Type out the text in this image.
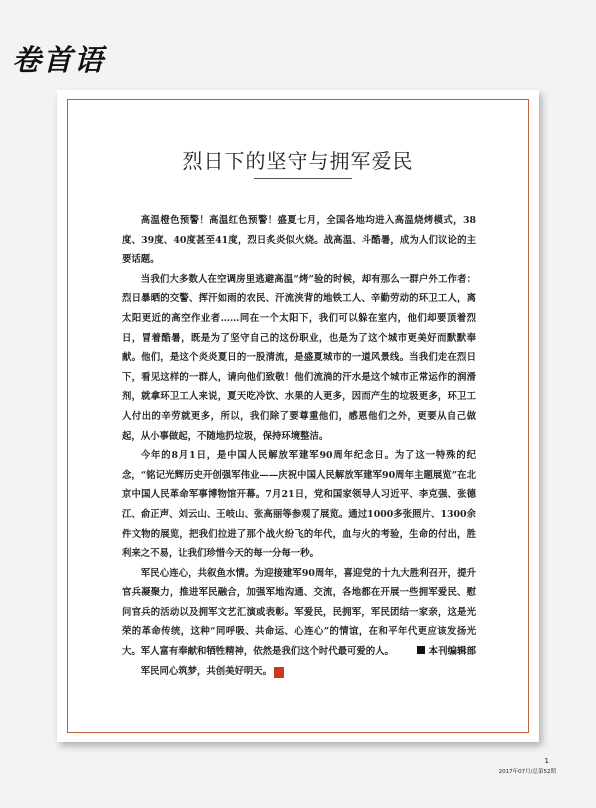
卷首语
烈日下的坚守与拥军爱民

高温橙色预警！高温红色预警！盛夏七月，全国各地均进入高温烧烤模式，38度、39度、40度甚至41度，烈日炙炎似火烧。战高温、斗酷暑，成为人们议论的主要话题。

当我们大多数人在空调房里逃避高温“烤”验的时候，却有那么一群户外工作者：烈日暴晒的交警、挥汗如雨的农民、汗流浃背的地铁工人、辛勤劳动的环卫工人，离太阳更近的高空作业者……同在一个太阳下，我们可以躲在室内，他们却要顶着烈日，冒着酷暑，既是为了坚守自己的这份职业，也是为了这个城市更美好而默默奉献。他们，是这个炎炎夏日的一股清流，是盛夏城市的一道风景线。当我们走在烈日下，看见这样的一群人，请向他们致敬！他们流淌的汗水是这个城市正常运作的润滑剂，就拿环卫工人来说，夏天吃冷饮、水果的人更多，因而产生的垃圾更多，环卫工人付出的辛劳就更多，所以，我们除了要尊重他们，感恩他们之外，更要从自己做起，从小事做起，不随地扔垃圾，保持环境整洁。

今年的8月1日，是中国人民解放军建军90周年纪念日。为了这一特殊的纪念，“铭记光辉历史开创强军伟业——庆祝中国人民解放军建军90周年主题展览”在北京中国人民革命军事博物馆开幕。7月21日，党和国家领导人习近平、李克强、张德江、俞正声、刘云山、王岐山、张高丽等参观了展览。通过1000多张照片、1300余件文物的展览，把我们拉进了那个战火纷飞的年代，血与火的考验，生命的付出，胜利来之不易，让我们珍惜今天的每一分每一秒。

军民心连心，共叙鱼水情。为迎接建军90周年，喜迎党的十九大胜利召开，提升官兵凝聚力，推进军民融合，加强军地沟通、交流，各地都在开展一些拥军爱民、慰问官兵的活动以及拥军文艺汇演或表彰。军爱民，民拥军，军民团结一家亲，这是光荣的革命传统，这种“同呼吸、共命运、心连心”的情谊，在和平年代更应该发扬光大。军人富有奉献和牺牲精神，依然是我们这个时代最可爱的人。

军民同心筑梦，共创美好明天。	M

本刊编辑部
1
2017年07月/总第52期
